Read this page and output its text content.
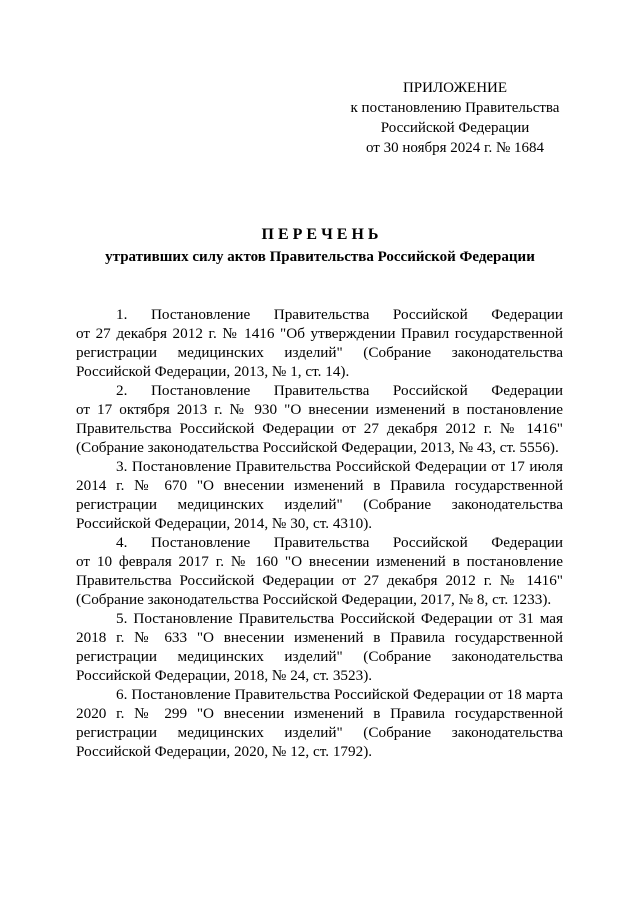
ПРИЛОЖЕНИЕ
к постановлению Правительства
Российской Федерации
от 30 ноября 2024 г. № 1684
ПЕРЕЧЕНЬ
утративших силу актов Правительства Российской Федерации

1. Постановление Правительства Российской Федерации

от 27 декабря 2012 г. № 1416 "Об утверждении Правил государственной

регистрации медицинских изделий" (Собрание законодательства

Российской Федерации, 2013, № 1, ст. 14).

2. Постановление Правительства Российской Федерации

от 17 октября 2013 г. № 930 "О внесении изменений в постановление

Правительства Российской Федерации от 27 декабря 2012 г. № 1416"

(Собрание законодательства Российской Федерации, 2013, № 43, ст. 5556).

3. Постановление Правительства Российской Федерации от 17 июля

2014 г. № 670 "О внесении изменений в Правила государственной

регистрации медицинских изделий" (Собрание законодательства

Российской Федерации, 2014, № 30, ст. 4310).

4. Постановление Правительства Российской Федерации

от 10 февраля 2017 г. № 160 "О внесении изменений в постановление

Правительства Российской Федерации от 27 декабря 2012 г. № 1416"

(Собрание законодательства Российской Федерации, 2017, № 8, ст. 1233).

5. Постановление Правительства Российской Федерации от 31 мая

2018 г. № 633 "О внесении изменений в Правила государственной

регистрации медицинских изделий" (Собрание законодательства

Российской Федерации, 2018, № 24, ст. 3523).

6. Постановление Правительства Российской Федерации от 18 марта

2020 г. № 299 "О внесении изменений в Правила государственной

регистрации медицинских изделий" (Собрание законодательства

Российской Федерации, 2020, № 12, ст. 1792).
